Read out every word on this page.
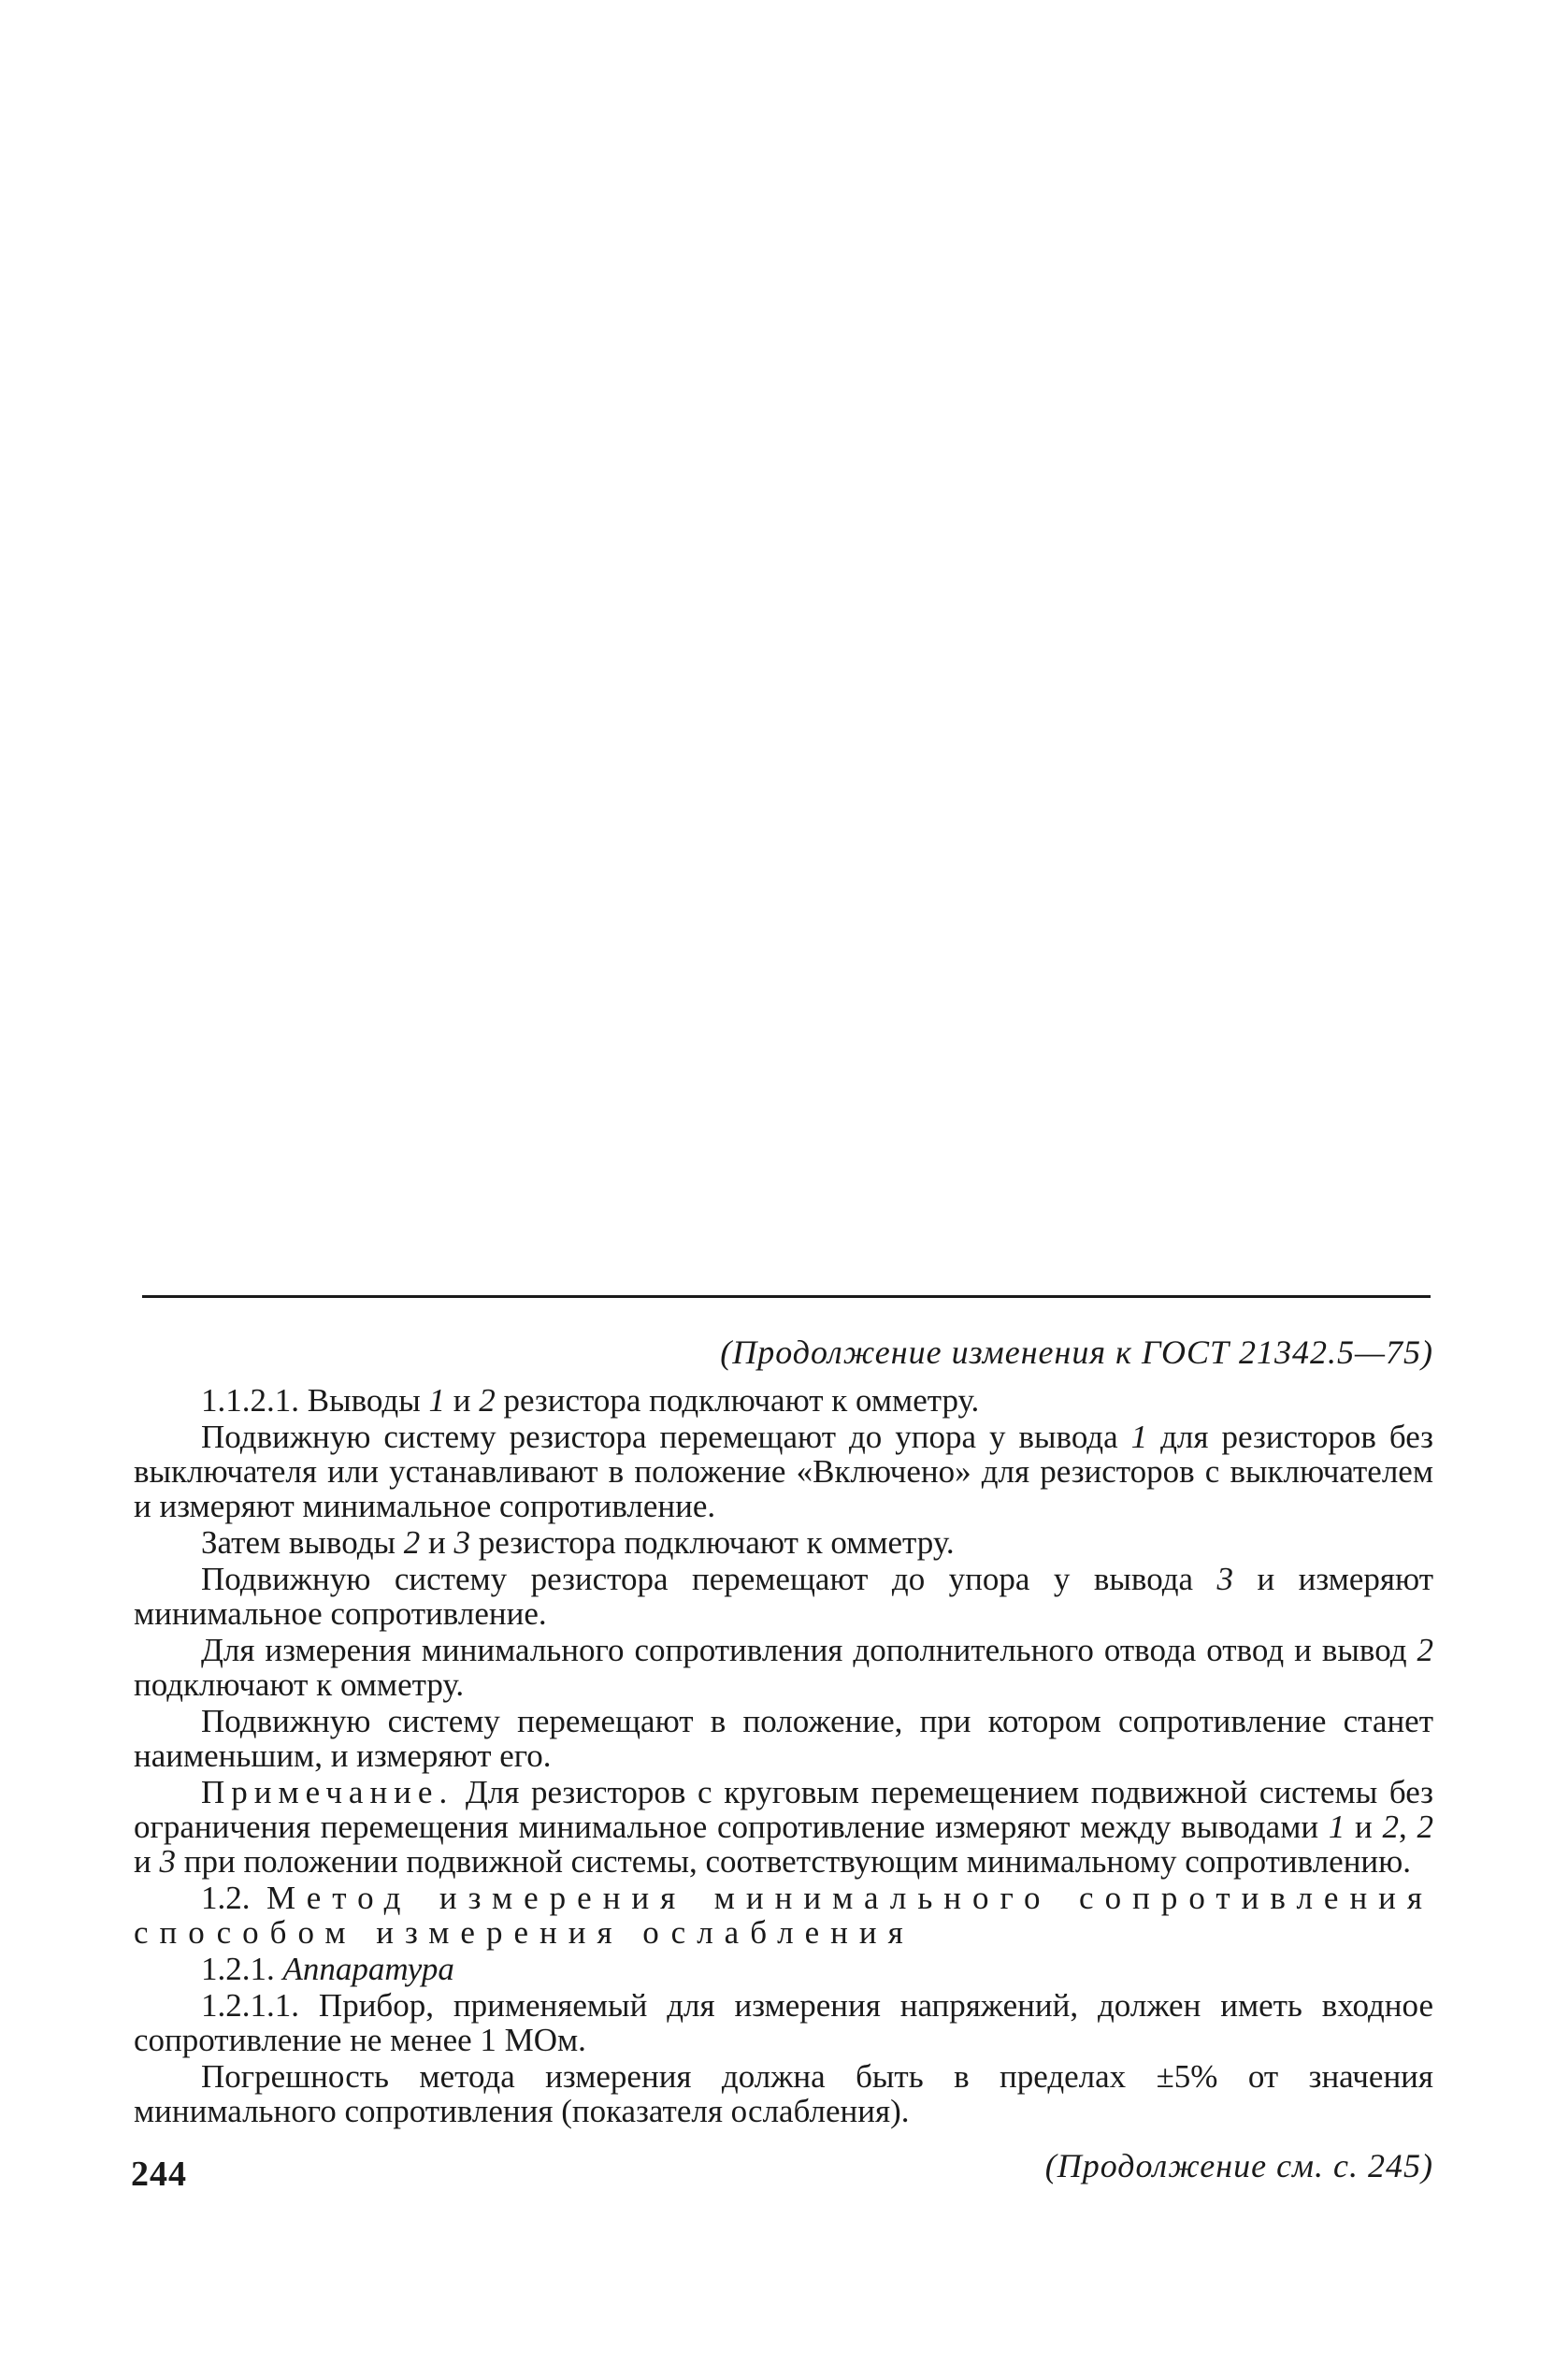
(Продолжение изменения к ГОСТ 21342.5—75)

1.1.2.1. Выводы 1 и 2 резистора подключают к омметру.

Подвижную систему резистора перемещают до упора у вывода 1 для резисторов без выключателя или устанавливают в положение «Включено» для резисторов с выключателем и измеряют минимальное сопротивление.

Затем выводы 2 и 3 резистора подключают к омметру.

Подвижную систему резистора перемещают до упора у вывода 3 и измеряют минимальное сопротивление.

Для измерения минимального сопротивления дополнительного отвода отвод и вывод 2 подключают к омметру.

Подвижную систему перемещают в положение, при котором сопротивление станет наименьшим, и измеряют его.

Примечание. Для резисторов с круговым перемещением подвижной системы без ограничения перемещения минимальное сопротивление измеряют между выводами 1 и 2, 2 и 3 при положении подвижной системы, соответствующим минимальному сопротивлению.

1.2. Метод измерения минимального сопротивления способом измерения ослабления

1.2.1. Аппаратура

1.2.1.1. Прибор, применяемый для измерения напряжений, должен иметь входное сопротивление не менее 1 МОм.

Погрешность метода измерения должна быть в пределах ±5% от значения минимального сопротивления (показателя ослабления).

(Продолжение см. с. 245)

244
